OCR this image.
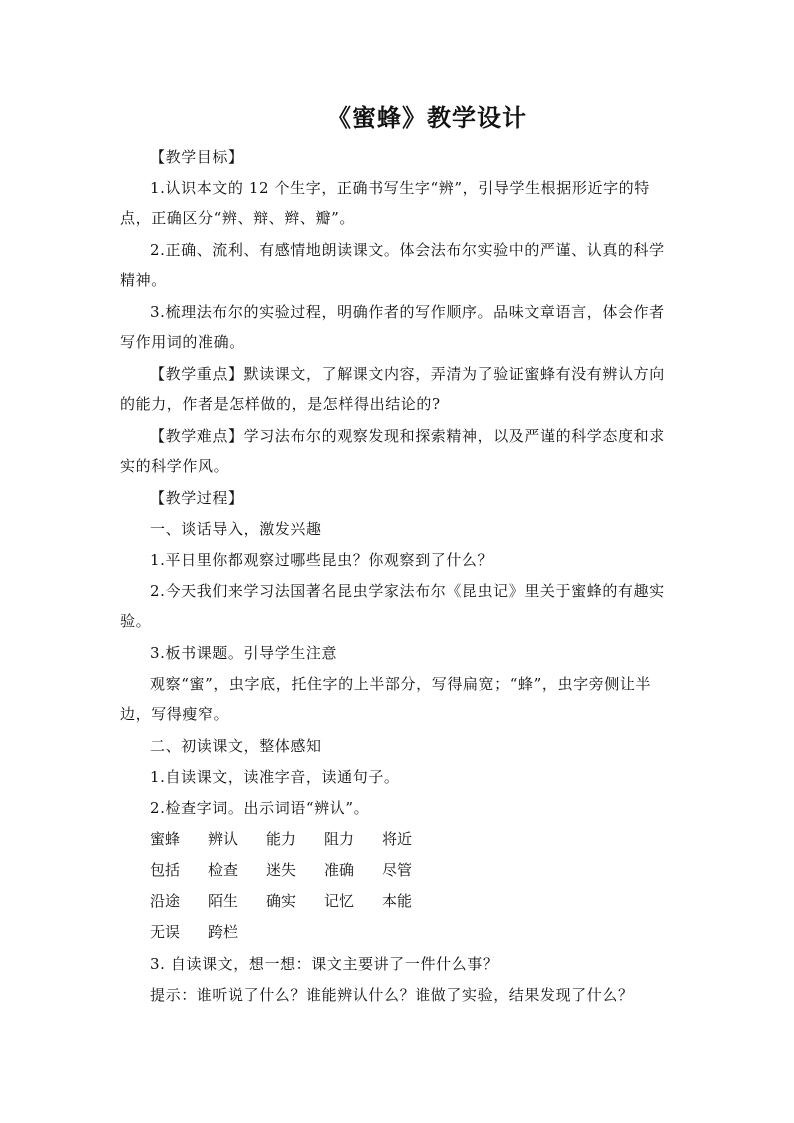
《蜜蜂》教学设计
【教学目标】
1.认识本文的 12 个生字，正确书写生字“辨”，引导学生根据形近字的特
点，正确区分“辨、辩、辫、瓣”。
2.正确、流利、有感情地朗读课文。体会法布尔实验中的严谨、认真的科学
精神。
3.梳理法布尔的实验过程，明确作者的写作顺序。品味文章语言，体会作者
写作用词的准确。
【教学重点】默读课文，了解课文内容，弄清为了验证蜜蜂有没有辨认方向
的能力，作者是怎样做的，是怎样得出结论的?
【教学难点】学习法布尔的观察发现和探索精神，以及严谨的科学态度和求
实的科学作风。
【教学过程】
一、谈话导入，激发兴趣
1.平日里你都观察过哪些昆虫？你观察到了什么？
2.今天我们来学习法国著名昆虫学家法布尔《昆虫记》里关于蜜蜂的有趣实
验。
3.板书课题。引导学生注意
观察“蜜”，虫字底，托住字的上半部分，写得扁宽；“蜂”，虫字旁侧让半
边，写得瘦窄。
二、初读课文，整体感知
1.自读课文，读准字音，读通句子。
2.检查字词。出示词语“辨认”。
蜜蜂 辨认 能力 阻力 将近
包括 检查 迷失 准确 尽管
沿途 陌生 确实 记忆 本能
无误 跨栏
3. 自读课文，想一想：课文主要讲了一件什么事？
提示：谁听说了什么？谁能辨认什么？谁做了实验，结果发现了什么？
